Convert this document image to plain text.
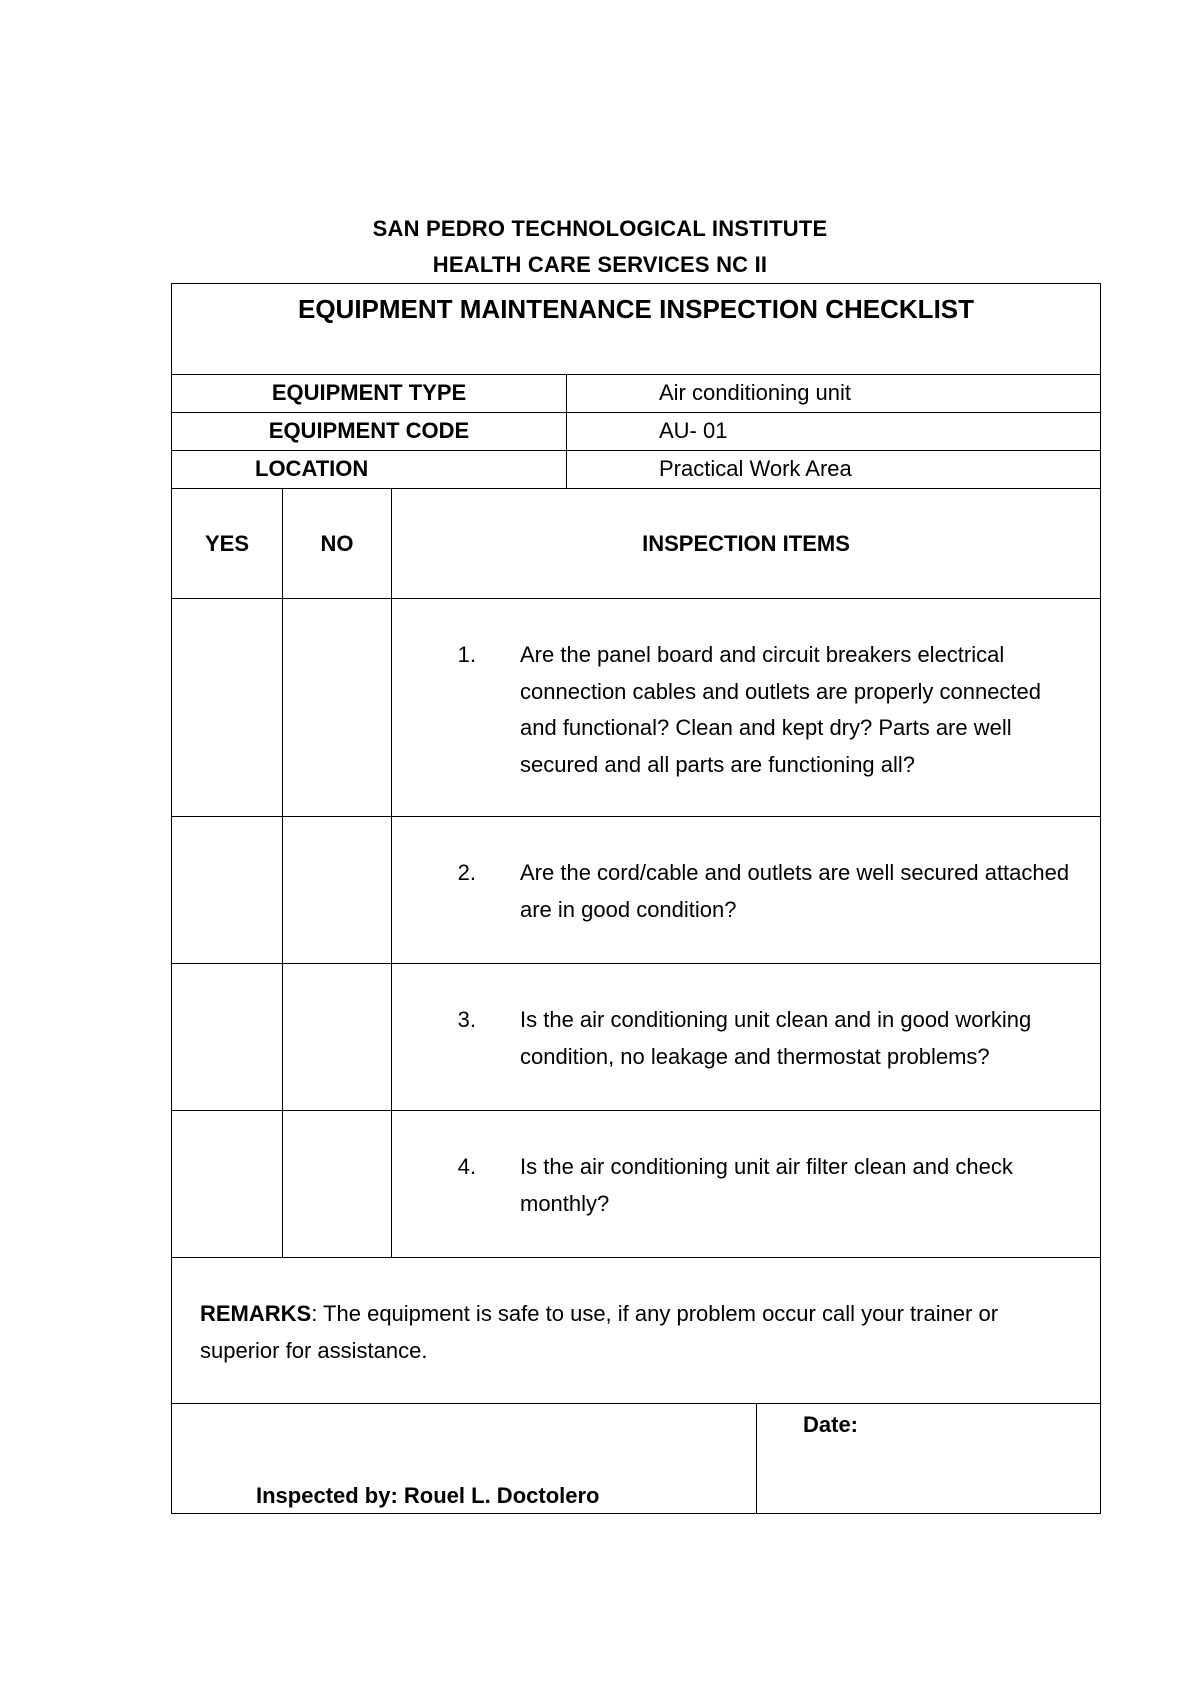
SAN PEDRO TECHNOLOGICAL INSTITUTE
HEALTH CARE SERVICES NC II
EQUIPMENT MAINTENANCE INSPECTION CHECKLIST
EQUIPMENT TYPE	Air conditioning unit
EQUIPMENT CODE	AU- 01
LOCATION	Practical Work Area
YES	NO	INSPECTION ITEMS
1. Are the panel board and circuit breakers electrical
connection cables and outlets are properly connected
and functional? Clean and kept dry? Parts are well
secured and all parts are functioning all?
2. Are the cord/cable and outlets are well secured attached
are in good condition?
3. Is the air conditioning unit clean and in good working
condition, no leakage and thermostat problems?
4. Is the air conditioning unit air filter clean and check
monthly?
REMARKS: The equipment is safe to use, if any problem occur call your trainer or
superior for assistance.
Inspected by: Rouel L. Doctolero
Date:
